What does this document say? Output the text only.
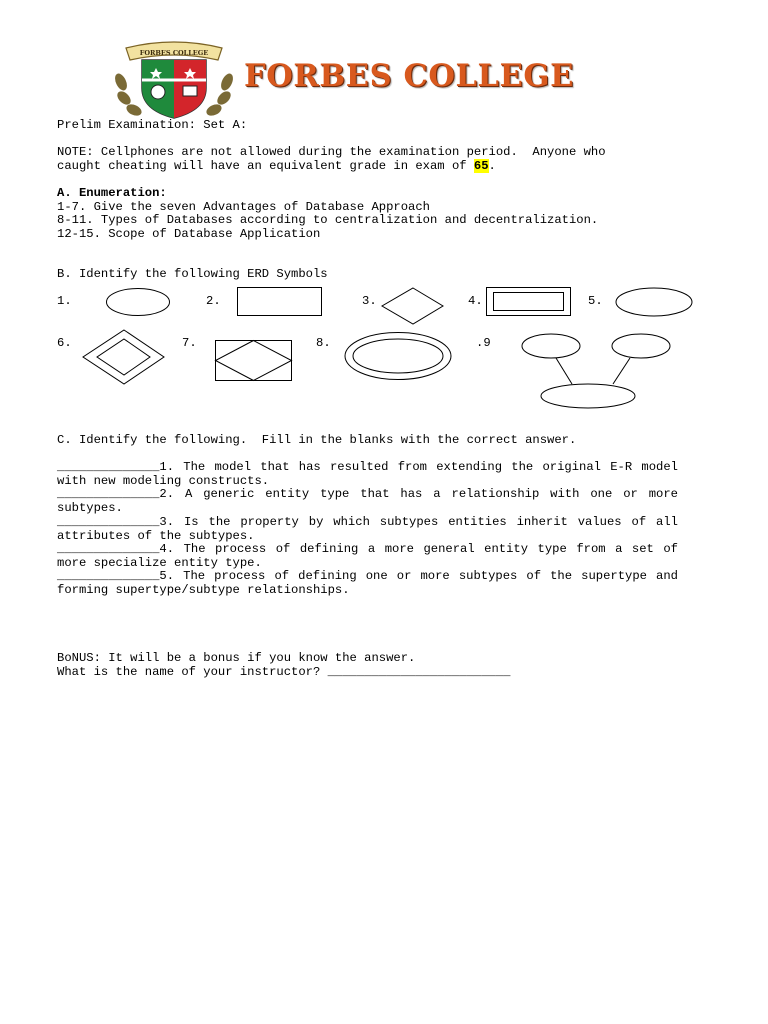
FORBES COLLEGE
FORBES COLLEGE
Prelim Examination: Set A:
NOTE: Cellphones are not allowed during the examination period.  Anyone who
caught cheating will have an equivalent grade in exam of 65.
A. Enumeration:
1-7. Give the seven Advantages of Database Approach
8-11. Types of Databases according to centralization and decentralization.
12-15. Scope of Database Application
B. Identify the following ERD Symbols
1.	2.	3.	4.	5.
6.	7.	8.	.9
C. Identify the following.  Fill in the blanks with the correct answer.
______________1. The model that has resulted from extending the original E-R model with new modeling constructs.
______________2. A generic entity type that has a relationship with one or more subtypes.
______________3. Is the property by which subtypes entities inherit values of all attributes of the subtypes.
______________4. The process of defining a more general entity type from a set of more specialize entity type.
______________5. The process of defining one or more subtypes of the supertype and forming supertype/subtype relationships.
BoNUS: It will be a bonus if you know the answer.
What is the name of your instructor? _________________________
